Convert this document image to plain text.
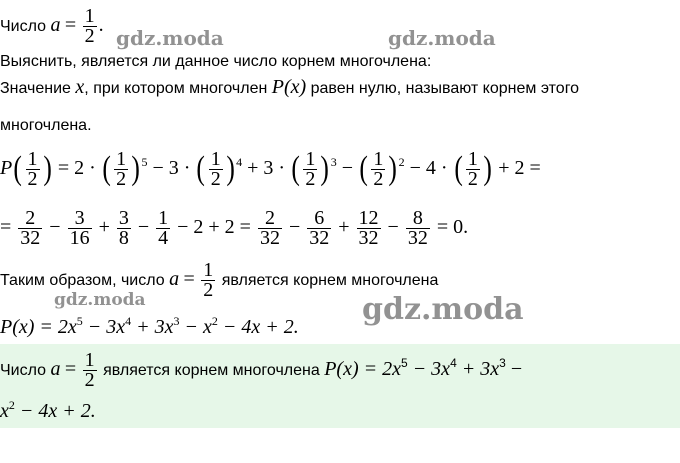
Число $a = \frac{1}{2}$ .
Выяснить, является ли данное число корнем многочлена:
Значение x, при котором многочлен P(x) равен нулю, называют корнем этого
многочлена.
$P( \frac{1}{2}$ ) = 2 · ( $\frac{1}{2} )^5 - 3$ · ( $\frac{1}{2} )^4 + 3$ · ( $\frac{1}{2} )^3$ − ( $\frac{1}{2} )^2 - 4$ · ( $\frac{1}{2}$ ) + 2 =
= $\frac{2}{32} - \frac{3}{16} + \frac{3}{8} - \frac{1}{4} - 2 + 2 = \frac{2}{32} - \frac{6}{32} + \frac{12}{32} - \frac{8}{32} = 0$.
Таким образом, число $a = \frac{1}{2}$ является корнем многочлена
$P(x) = 2x^5 - 3x^4 + 3x^3 - x^2 - 4x + 2$.
Число $a = \frac{1}{2}$ является корнем многочлена $P(x) = 2x^5 - 3x^4 + 3x^3$ −
$x^2 - 4x + 2$.
gdz.moda	gdz.moda
gdz.moda	gdz.moda
